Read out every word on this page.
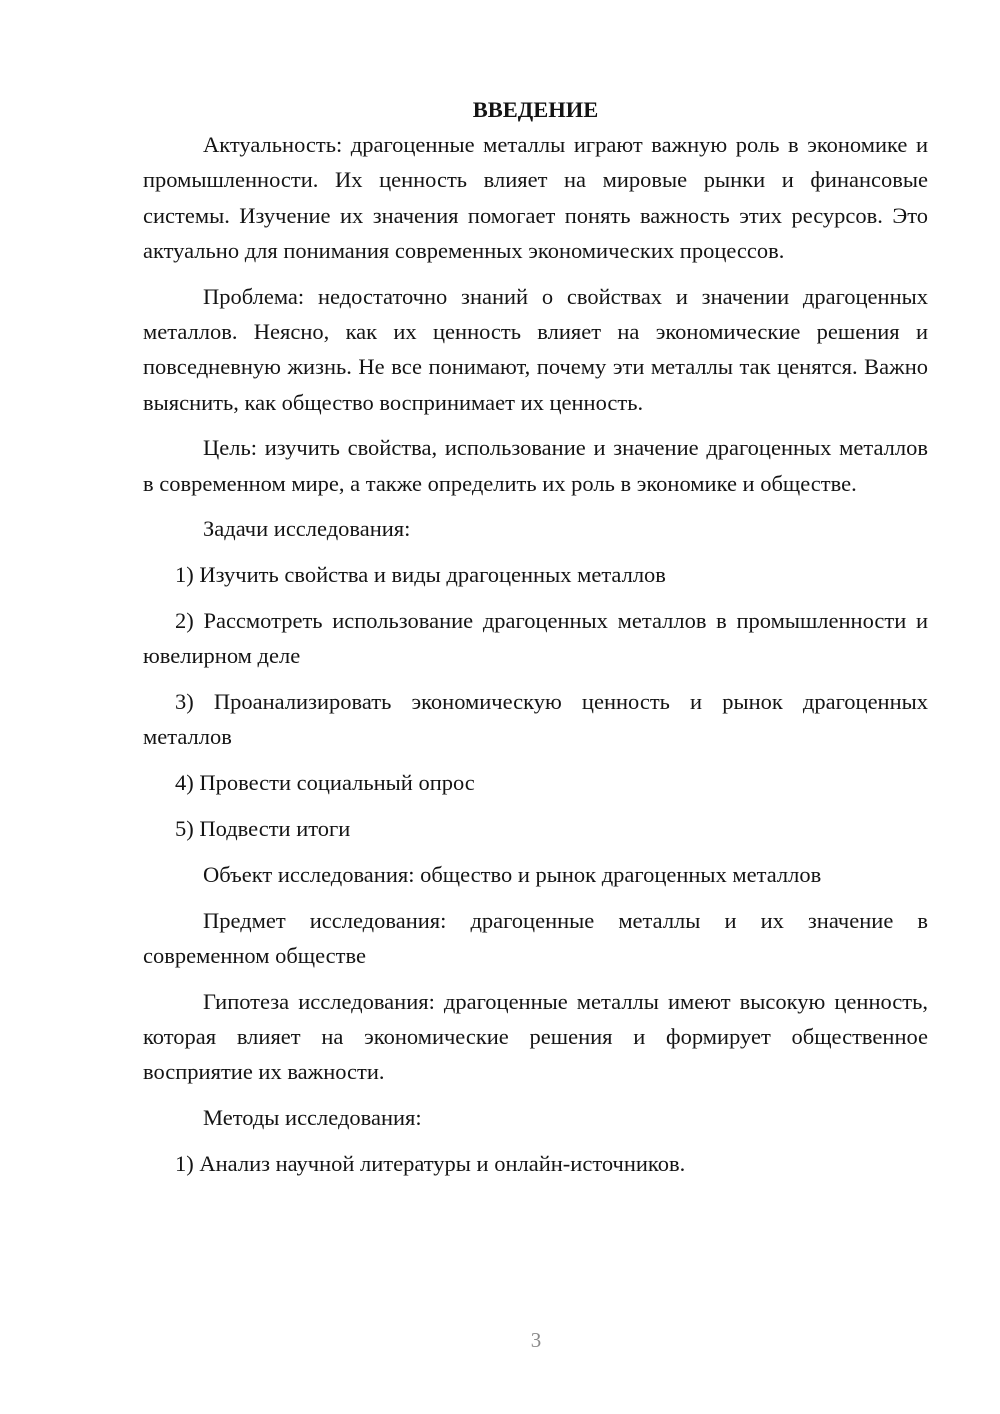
ВВЕДЕНИЕ

Актуальность: драгоценные металлы играют важную роль в экономике и промышленности. Их ценность влияет на мировые рынки и финансовые системы. Изучение их значения помогает понять важность этих ресурсов. Это актуально для понимания современных экономических процессов.

Проблема: недостаточно знаний о свойствах и значении драгоценных металлов. Неясно, как их ценность влияет на экономические решения и повседневную жизнь. Не все понимают, почему эти металлы так ценятся. Важно выяснить, как общество воспринимает их ценность.

Цель: изучить свойства, использование и значение драгоценных металлов в современном мире, а также определить их роль в экономике и обществе.

Задачи исследования:

1) Изучить свойства и виды драгоценных металлов

2) Рассмотреть использование драгоценных металлов в промышленности и ювелирном деле

3) Проанализировать экономическую ценность и рынок драгоценных металлов

4) Провести социальный опрос

5) Подвести итоги

Объект исследования: общество и рынок драгоценных металлов

Предмет исследования: драгоценные металлы и их значение в современном обществе

Гипотеза исследования: драгоценные металлы имеют высокую ценность, которая влияет на экономические решения и формирует общественное восприятие их важности.

Методы исследования:

1) Анализ научной литературы и онлайн-источников.

3
